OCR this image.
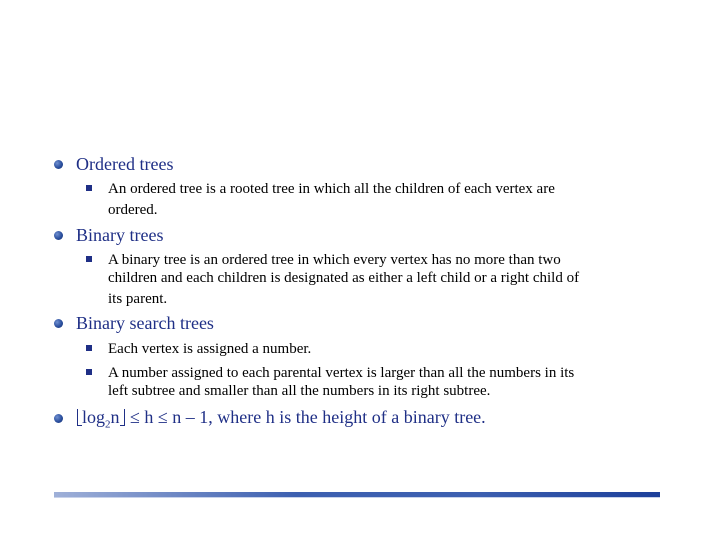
Ordered trees
An ordered tree is a rooted tree in which all the children of each vertex are
ordered.
Binary trees
A binary tree is an ordered tree in which every vertex has no more than two
children and each children is designated as either a left child or a right child of
its parent.
Binary search trees
Each vertex is assigned a number.
A number assigned to each parental vertex is larger than all the numbers in its
left subtree and smaller than all the numbers in its right subtree.
$\log_2n \le h \le n - 1$, where h is the height of a binary tree.
